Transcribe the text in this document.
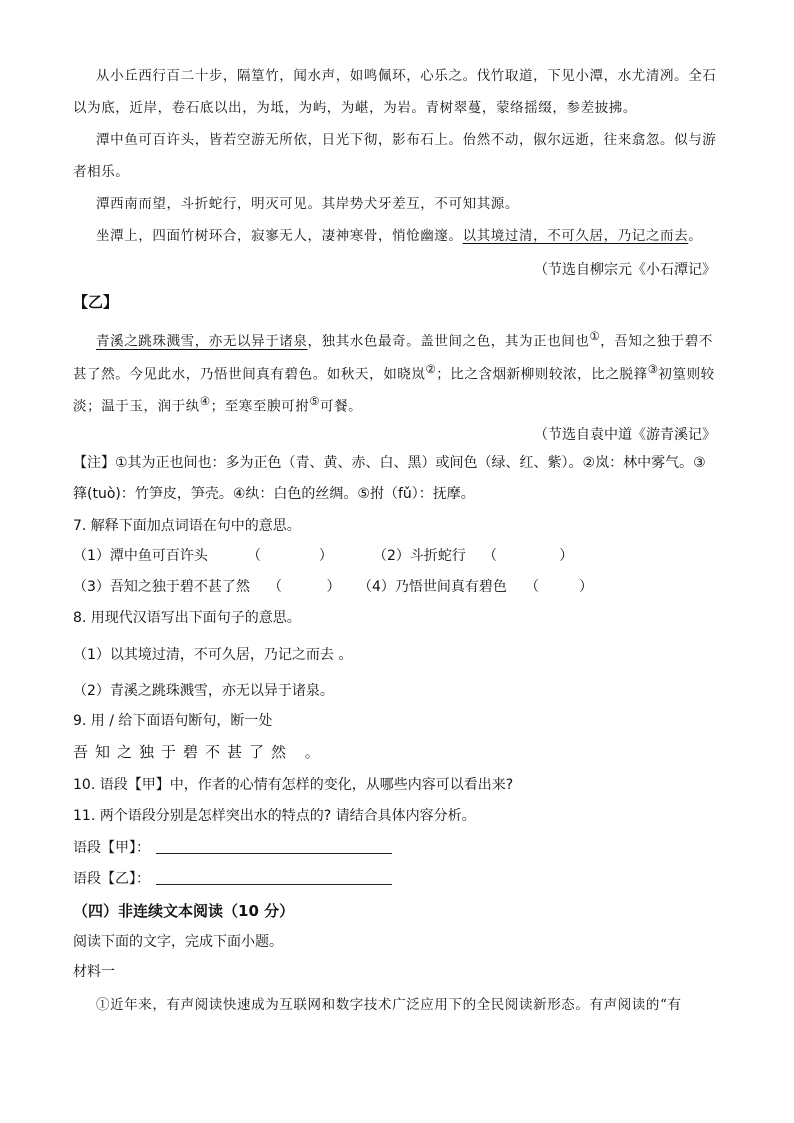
从小丘西行百二十步，隔篁竹，闻水声，如鸣佩环，心乐之。伐竹取道，下见小潭，水尤清冽。全石
以为底，近岸，卷石底以出，为坻，为屿，为嵁，为岩。青树翠蔓，蒙络摇缀，参差披拂。
潭中鱼可百许头，皆若空游无所依，日光下彻，影布石上。佁然不动，俶尔远逝，往来翕忽。似与游
者相乐。
潭西南而望，斗折蛇行，明灭可见。其岸势犬牙差互，不可知其源。
坐潭上，四面竹树环合，寂寥无人，凄神寒骨，悄怆幽邃。以其境过清，不可久居，乃记之而去。
（节选自柳宗元《小石潭记》
【乙】
青溪之跳珠溅雪，亦无以异于诸泉，独其水色最奇。盖世间之色，其为正也间也①，吾知之独于碧不
甚了然。今见此水，乃悟世间真有碧色。如秋天，如晓岚②；比之含烟新柳则较浓，比之脱箨③初篁则较
淡；温于玉，润于纨④；至寒至腴可拊⑤可餐。
（节选自袁中道《游青溪记》
【注】①其为正也间也：多为正色（青、黄、赤、白、黑）或间色（绿、红、紫）。②岚：林中雾气。③
箨(tuò)：竹笋皮，笋壳。④纨：白色的丝绸。⑤拊（fǔ）：抚摩。
7. 解释下面加点词语在句中的意思。
（1）潭中鱼可百许头	（             ）	（2）斗折蛇行 （              ）
（3）吾知之独于碧不甚了然 （          ） （4）乃悟世间真有碧色 （         ）
8. 用现代汉语写出下面句子的意思。
（1）以其境过清，不可久居，乃记之而去 。
（2）青溪之跳珠溅雪，亦无以异于诸泉。
9. 用 / 给下面语句断句，断一处
吾知之独于碧不甚了然 。
10. 语段【甲】中，作者的心情有怎样的变化，从哪些内容可以看出来?
11. 两个语段分别是怎样突出水的特点的? 请结合具体内容分析。
语段【甲】：
语段【乙】：
（四）非连续文本阅读（10 分）
阅读下面的文字，完成下面小题。
材料一
①近年来，有声阅读快速成为互联网和数字技术广泛应用下的全民阅读新形态。有声阅读的“有
